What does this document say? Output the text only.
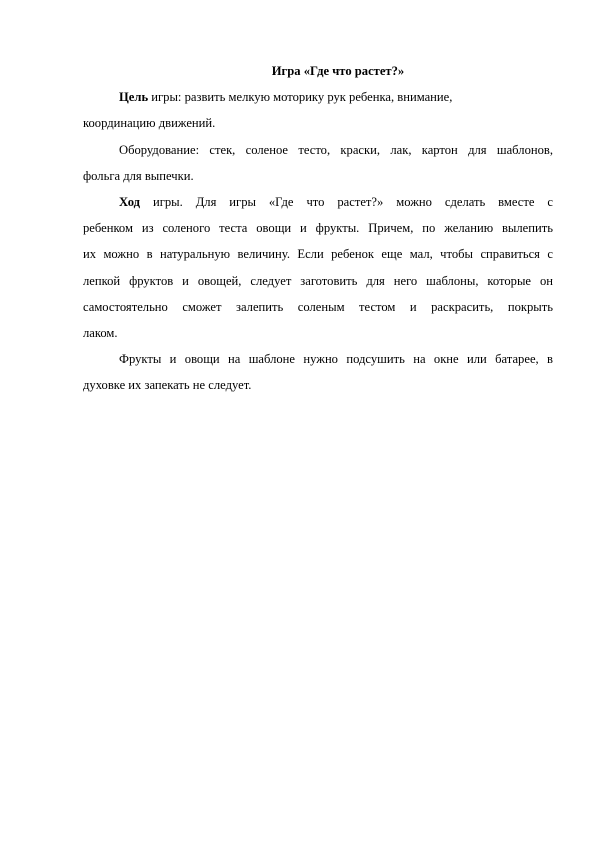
Игра «Где что растет?»
Цель игры: развить мелкую моторику рук ребенка, внимание,
координацию движений.
Оборудование: стек, соленое тесто, краски, лак, картон для шаблонов,
фольга для выпечки.
Ход игры. Для игры «Где что растет?» можно сделать вместе с
ребенком из соленого теста овощи и фрукты. Причем, по желанию вылепить
их можно в натуральную величину. Если ребенок еще мал, чтобы справиться с
лепкой фруктов и овощей, следует заготовить для него шаблоны, которые он
самостоятельно сможет залепить соленым тестом и раскрасить, покрыть
лаком.
Фрукты и овощи на шаблоне нужно подсушить на окне или батарее, в
духовке их запекать не следует.
